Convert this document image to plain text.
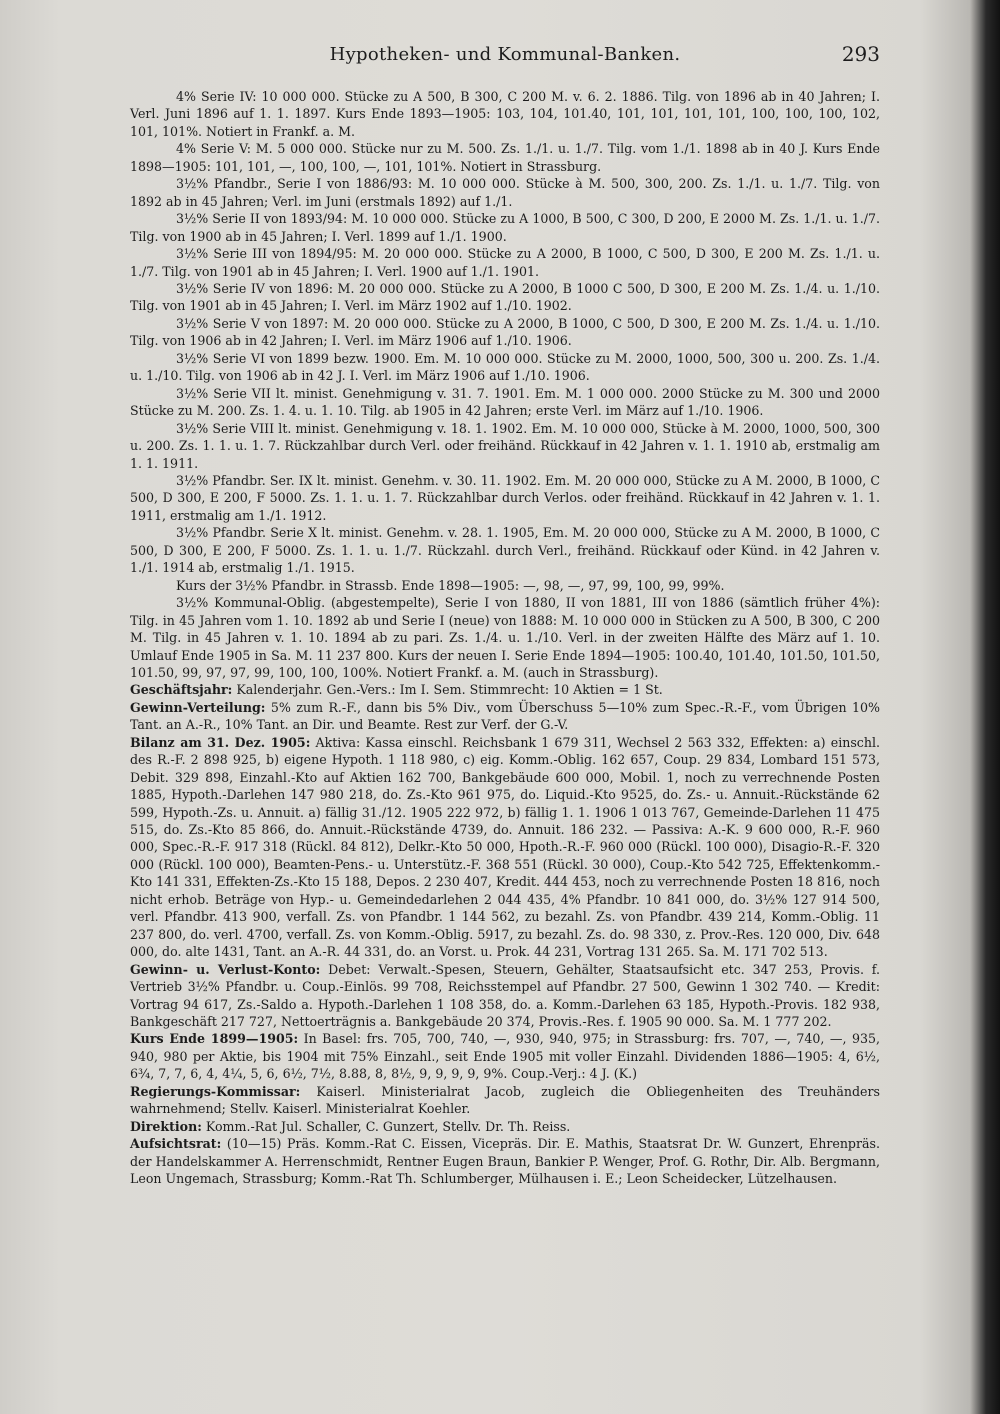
Hypotheken- und Kommunal-Banken.	293

4% Serie IV: 10 000 000. Stücke zu A 500, B 300, C 200 M. v. 6. 2. 1886. Tilg. von 1896 ab in 40 Jahren; I. Verl. Juni 1896 auf 1. 1. 1897. Kurs Ende 1893—1905: 103, 104, 101.40, 101, 101, 101, 101, 100, 100, 100, 102, 101, 101%. Notiert in Frankf. a. M.

4% Serie V: M. 5 000 000. Stücke nur zu M. 500. Zs. 1./1. u. 1./7. Tilg. vom 1./1. 1898 ab in 40 J. Kurs Ende 1898—1905: 101, 101, —, 100, 100, —, 101, 101%. Notiert in Strassburg.

3½% Pfandbr., Serie I von 1886/93: M. 10 000 000. Stücke à M. 500, 300, 200. Zs. 1./1. u. 1./7. Tilg. von 1892 ab in 45 Jahren; Verl. im Juni (erstmals 1892) auf 1./1.

3½% Serie II von 1893/94: M. 10 000 000. Stücke zu A 1000, B 500, C 300, D 200, E 2000 M. Zs. 1./1. u. 1./7. Tilg. von 1900 ab in 45 Jahren; I. Verl. 1899 auf 1./1. 1900.

3½% Serie III von 1894/95: M. 20 000 000. Stücke zu A 2000, B 1000, C 500, D 300, E 200 M. Zs. 1./1. u. 1./7. Tilg. von 1901 ab in 45 Jahren; I. Verl. 1900 auf 1./1. 1901.

3½% Serie IV von 1896: M. 20 000 000. Stücke zu A 2000, B 1000 C 500, D 300, E 200 M. Zs. 1./4. u. 1./10. Tilg. von 1901 ab in 45 Jahren; I. Verl. im März 1902 auf 1./10. 1902.

3½% Serie V von 1897: M. 20 000 000. Stücke zu A 2000, B 1000, C 500, D 300, E 200 M. Zs. 1./4. u. 1./10. Tilg. von 1906 ab in 42 Jahren; I. Verl. im März 1906 auf 1./10. 1906.

3½% Serie VI von 1899 bezw. 1900. Em. M. 10 000 000. Stücke zu M. 2000, 1000, 500, 300 u. 200. Zs. 1./4. u. 1./10. Tilg. von 1906 ab in 42 J. I. Verl. im März 1906 auf 1./10. 1906.

3½% Serie VII lt. minist. Genehmigung v. 31. 7. 1901. Em. M. 1 000 000. 2000 Stücke zu M. 300 und 2000 Stücke zu M. 200. Zs. 1. 4. u. 1. 10. Tilg. ab 1905 in 42 Jahren; erste Verl. im März auf 1./10. 1906.

3½% Serie VIII lt. minist. Genehmigung v. 18. 1. 1902. Em. M. 10 000 000, Stücke à M. 2000, 1000, 500, 300 u. 200. Zs. 1. 1. u. 1. 7. Rückzahlbar durch Verl. oder freihänd. Rückkauf in 42 Jahren v. 1. 1. 1910 ab, erstmalig am 1. 1. 1911.

3½% Pfandbr. Ser. IX lt. minist. Genehm. v. 30. 11. 1902. Em. M. 20 000 000, Stücke zu A M. 2000, B 1000, C 500, D 300, E 200, F 5000. Zs. 1. 1. u. 1. 7. Rückzahlbar durch Verlos. oder freihänd. Rückkauf in 42 Jahren v. 1. 1. 1911, erstmalig am 1./1. 1912.

3½% Pfandbr. Serie X lt. minist. Genehm. v. 28. 1. 1905, Em. M. 20 000 000, Stücke zu A M. 2000, B 1000, C 500, D 300, E 200, F 5000. Zs. 1. 1. u. 1./7. Rückzahl. durch Verl., freihänd. Rückkauf oder Künd. in 42 Jahren v. 1./1. 1914 ab, erstmalig 1./1. 1915.

Kurs der 3½% Pfandbr. in Strassb. Ende 1898—1905: —, 98, —, 97, 99, 100, 99, 99%.

3½% Kommunal-Oblig. (abgestempelte), Serie I von 1880, II von 1881, III von 1886 (sämtlich früher 4%): Tilg. in 45 Jahren vom 1. 10. 1892 ab und Serie I (neue) von 1888: M. 10 000 000 in Stücken zu A 500, B 300, C 200 M. Tilg. in 45 Jahren v. 1. 10. 1894 ab zu pari. Zs. 1./4. u. 1./10. Verl. in der zweiten Hälfte des März auf 1. 10. Umlauf Ende 1905 in Sa. M. 11 237 800. Kurs der neuen I. Serie Ende 1894—1905: 100.40, 101.40, 101.50, 101.50, 101.50, 99, 97, 97, 99, 100, 100, 100%. Notiert Frankf. a. M. (auch in Strassburg).

Geschäftsjahr: Kalenderjahr. Gen.-Vers.: Im I. Sem. Stimmrecht: 10 Aktien = 1 St.

Gewinn-Verteilung: 5% zum R.-F., dann bis 5% Div., vom Überschuss 5—10% zum Spec.-R.-F., vom Übrigen 10% Tant. an A.-R., 10% Tant. an Dir. und Beamte. Rest zur Verf. der G.-V.

Bilanz am 31. Dez. 1905: Aktiva: Kassa einschl. Reichsbank 1 679 311, Wechsel 2 563 332, Effekten: a) einschl. des R.-F. 2 898 925, b) eigene Hypoth. 1 118 980, c) eig. Komm.-Oblig. 162 657, Coup. 29 834, Lombard 151 573, Debit. 329 898, Einzahl.-Kto auf Aktien 162 700, Bankgebäude 600 000, Mobil. 1, noch zu verrechnende Posten 1885, Hypoth.-Darlehen 147 980 218, do. Zs.-Kto 961 975, do. Liquid.-Kto 9525, do. Zs.- u. Annuit.-Rückstände 62 599, Hypoth.-Zs. u. Annuit. a) fällig 31./12. 1905 222 972, b) fällig 1. 1. 1906 1 013 767, Gemeinde-Darlehen 11 475 515, do. Zs.-Kto 85 866, do. Annuit.-Rückstände 4739, do. Annuit. 186 232. — Passiva: A.-K. 9 600 000, R.-F. 960 000, Spec.-R.-F. 917 318 (Rückl. 84 812), Delkr.-Kto 50 000, Hpoth.-R.-F. 960 000 (Rückl. 100 000), Disagio-R.-F. 320 000 (Rückl. 100 000), Beamten-Pens.- u. Unterstütz.-F. 368 551 (Rückl. 30 000), Coup.-Kto 542 725, Effektenkomm.-Kto 141 331, Effekten-Zs.-Kto 15 188, Depos. 2 230 407, Kredit. 444 453, noch zu verrechnende Posten 18 816, noch nicht erhob. Beträge von Hyp.- u. Gemeindedarlehen 2 044 435, 4% Pfandbr. 10 841 000, do. 3½% 127 914 500, verl. Pfandbr. 413 900, verfall. Zs. von Pfandbr. 1 144 562, zu bezahl. Zs. von Pfandbr. 439 214, Komm.-Oblig. 11 237 800, do. verl. 4700, verfall. Zs. von Komm.-Oblig. 5917, zu bezahl. Zs. do. 98 330, z. Prov.-Res. 120 000, Div. 648 000, do. alte 1431, Tant. an A.-R. 44 331, do. an Vorst. u. Prok. 44 231, Vortrag 131 265. Sa. M. 171 702 513.

Gewinn- u. Verlust-Konto: Debet: Verwalt.-Spesen, Steuern, Gehälter, Staatsaufsicht etc. 347 253, Provis. f. Vertrieb 3½% Pfandbr. u. Coup.-Einlös. 99 708, Reichsstempel auf Pfandbr. 27 500, Gewinn 1 302 740. — Kredit: Vortrag 94 617, Zs.-Saldo a. Hypoth.-Darlehen 1 108 358, do. a. Komm.-Darlehen 63 185, Hypoth.-Provis. 182 938, Bankgeschäft 217 727, Nettoerträgnis a. Bankgebäude 20 374, Provis.-Res. f. 1905 90 000. Sa. M. 1 777 202.

Kurs Ende 1899—1905: In Basel: frs. 705, 700, 740, —, 930, 940, 975; in Strassburg: frs. 707, —, 740, —, 935, 940, 980 per Aktie, bis 1904 mit 75% Einzahl., seit Ende 1905 mit voller Einzahl. Dividenden 1886—1905: 4, 6½, 6¾, 7, 7, 6, 4, 4¼, 5, 6, 6½, 7½, 8.88, 8, 8½, 9, 9, 9, 9, 9%. Coup.-Verj.: 4 J. (K.)

Regierungs-Kommissar: Kaiserl. Ministerialrat Jacob, zugleich die Obliegenheiten des Treuhänders wahrnehmend; Stellv. Kaiserl. Ministerialrat Koehler.

Direktion: Komm.-Rat Jul. Schaller, C. Gunzert, Stellv. Dr. Th. Reiss.

Aufsichtsrat: (10—15) Präs. Komm.-Rat C. Eissen, Vicepräs. Dir. E. Mathis, Staatsrat Dr. W. Gunzert, Ehrenpräs. der Handelskammer A. Herrenschmidt, Rentner Eugen Braun, Bankier P. Wenger, Prof. G. Rothr, Dir. Alb. Bergmann, Leon Ungemach, Strassburg; Komm.-Rat Th. Schlumberger, Mülhausen i. E.; Leon Scheidecker, Lützelhausen.
